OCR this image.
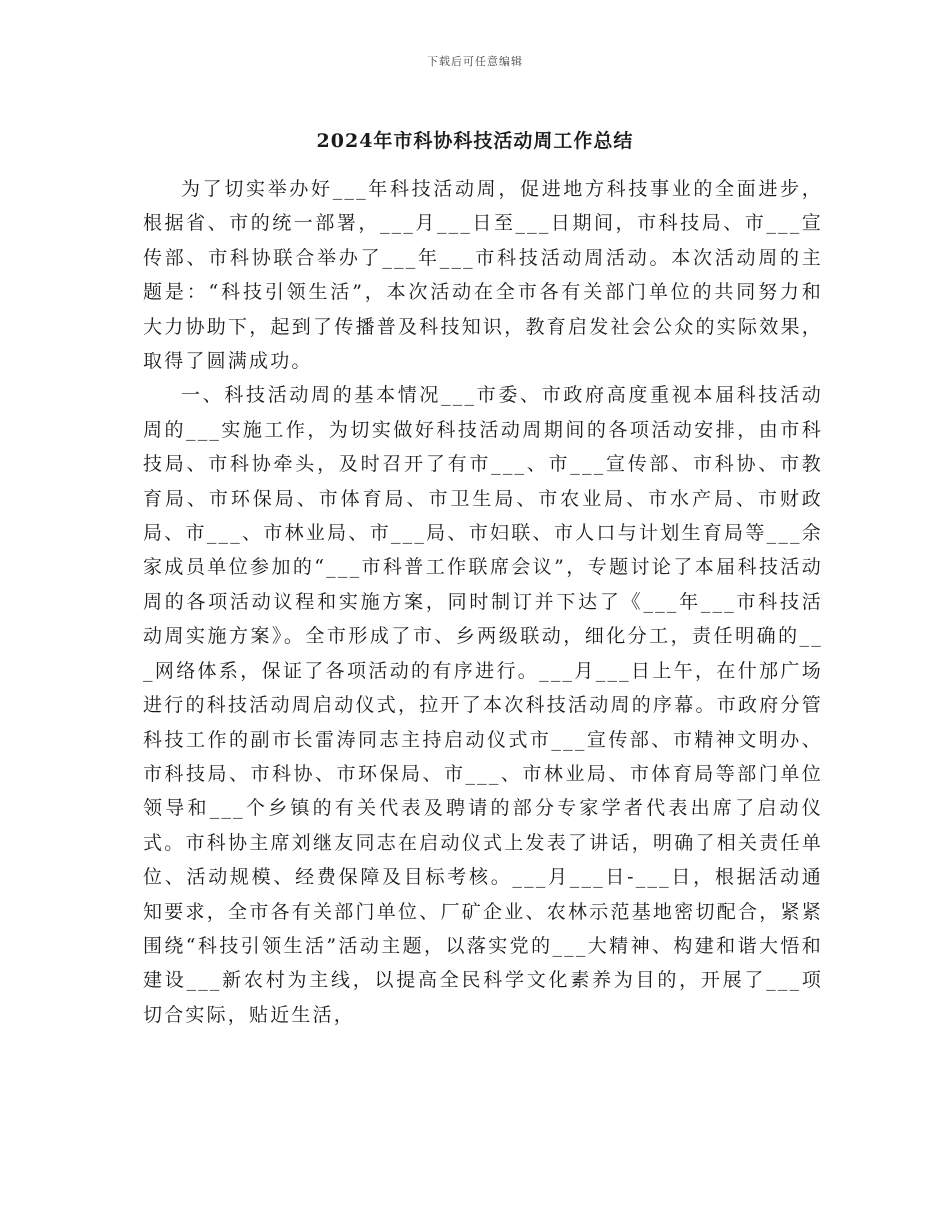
下载后可任意编辑
2024年市科协科技活动周工作总结

为了切实举办好___年科技活动周，促进地方科技事业的全面进步，根据省、市的统一部署，___月___日至___日期间，市科技局、市___宣传部、市科协联合举办了___年___市科技活动周活动。本次活动周的主题是：“科技引领生活”，本次活动在全市各有关部门单位的共同努力和大力协助下，起到了传播普及科技知识，教育启发社会公众的实际效果，取得了圆满成功。

一、科技活动周的基本情况___市委、市政府高度重视本届科技活动周的___实施工作，为切实做好科技活动周期间的各项活动安排，由市科技局、市科协牵头，及时召开了有市___、市___宣传部、市科协、市教育局、市环保局、市体育局、市卫生局、市农业局、市水产局、市财政局、市___、市林业局、市___局、市妇联、市人口与计划生育局等___余家成员单位参加的“___市科普工作联席会议”，专题讨论了本届科技活动周的各项活动议程和实施方案，同时制订并下达了《___年___市科技活动周实施方案》。全市形成了市、乡两级联动，细化分工，责任明确的___网络体系，保证了各项活动的有序进行。___月___日上午，在什邡广场进行的科技活动周启动仪式，拉开了本次科技活动周的序幕。市政府分管科技工作的副市长雷涛同志主持启动仪式市___宣传部、市精神文明办、市科技局、市科协、市环保局、市___、市林业局、市体育局等部门单位领导和___个乡镇的有关代表及聘请的部分专家学者代表出席了启动仪式。市科协主席刘继友同志在启动仪式上发表了讲话，明确了相关责任单位、活动规模、经费保障及目标考核。___月___日-___日，根据活动通知要求，全市各有关部门单位、厂矿企业、农林示范基地密切配合，紧紧围绕“科技引领生活”活动主题，以落实党的___大精神、构建和谐大悟和建设___新农村为主线，以提高全民科学文化素养为目的，开展了___项切合实际，贴近生活，
